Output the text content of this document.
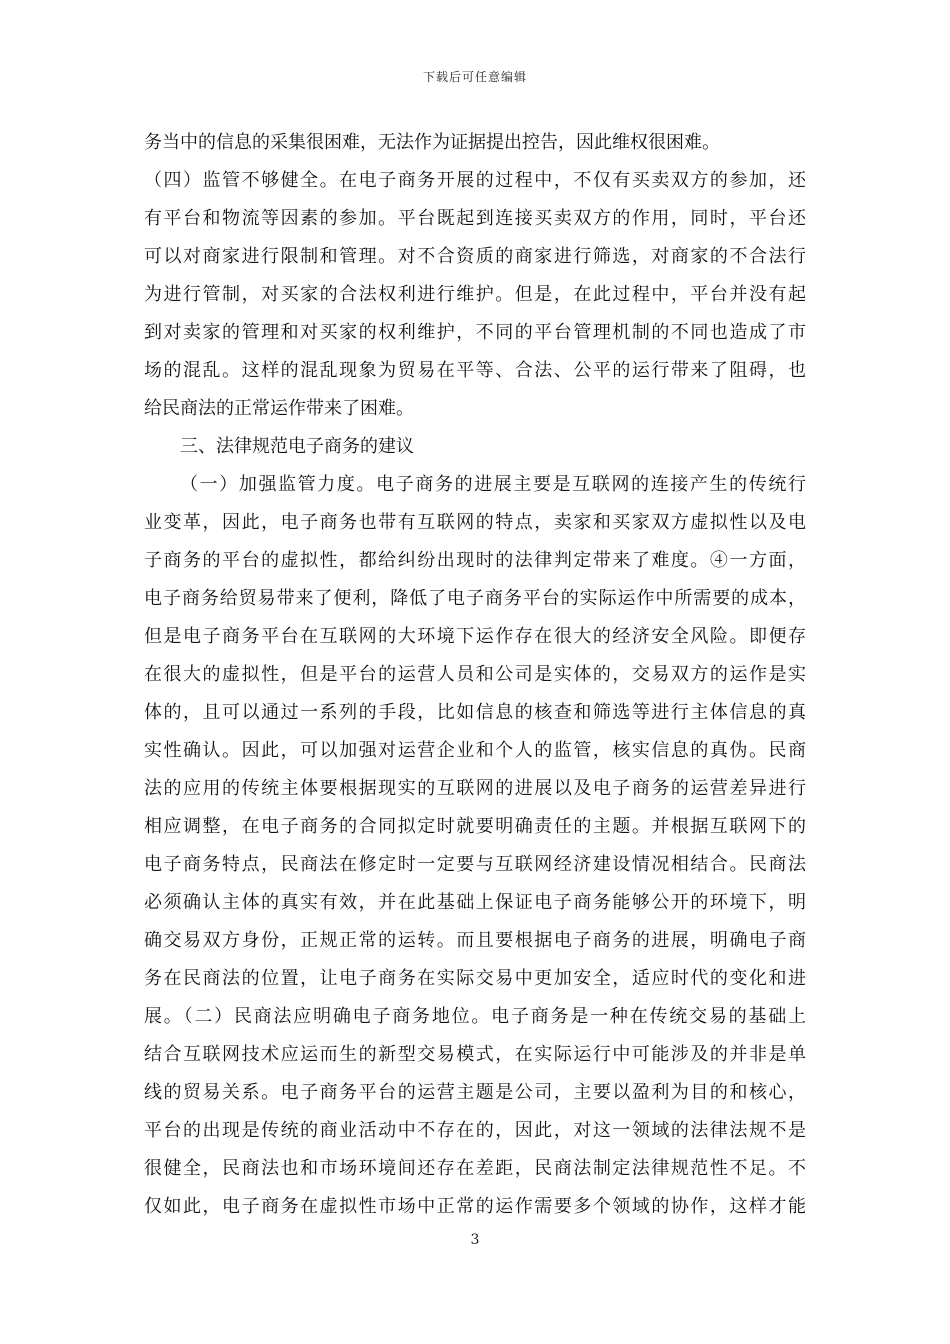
下载后可任意编辑
务当中的信息的采集很困难，无法作为证据提出控告，因此维权很困难。
（四）监管不够健全。在电子商务开展的过程中，不仅有买卖双方的参加，还
有平台和物流等因素的参加。平台既起到连接买卖双方的作用，同时，平台还
可以对商家进行限制和管理。对不合资质的商家进行筛选，对商家的不合法行
为进行管制，对买家的合法权利进行维护。但是，在此过程中，平台并没有起
到对卖家的管理和对买家的权利维护，不同的平台管理机制的不同也造成了市
场的混乱。这样的混乱现象为贸易在平等、合法、公平的运行带来了阻碍，也
给民商法的正常运作带来了困难。
三、法律规范电子商务的建议
（一）加强监管力度。电子商务的进展主要是互联网的连接产生的传统行
业变革，因此，电子商务也带有互联网的特点，卖家和买家双方虚拟性以及电
子商务的平台的虚拟性，都给纠纷出现时的法律判定带来了难度。④一方面，
电子商务给贸易带来了便利，降低了电子商务平台的实际运作中所需要的成本，
但是电子商务平台在互联网的大环境下运作存在很大的经济安全风险。即便存
在很大的虚拟性，但是平台的运营人员和公司是实体的，交易双方的运作是实
体的，且可以通过一系列的手段，比如信息的核查和筛选等进行主体信息的真
实性确认。因此，可以加强对运营企业和个人的监管，核实信息的真伪。民商
法的应用的传统主体要根据现实的互联网的进展以及电子商务的运营差异进行
相应调整，在电子商务的合同拟定时就要明确责任的主题。并根据互联网下的
电子商务特点，民商法在修定时一定要与互联网经济建设情况相结合。民商法
必须确认主体的真实有效，并在此基础上保证电子商务能够公开的环境下，明
确交易双方身份，正规正常的运转。而且要根据电子商务的进展，明确电子商
务在民商法的位置，让电子商务在实际交易中更加安全，适应时代的变化和进
展。（二）民商法应明确电子商务地位。电子商务是一种在传统交易的基础上
结合互联网技术应运而生的新型交易模式，在实际运行中可能涉及的并非是单
线的贸易关系。电子商务平台的运营主题是公司，主要以盈利为目的和核心，
平台的出现是传统的商业活动中不存在的，因此，对这一领域的法律法规不是
很健全，民商法也和市场环境间还存在差距，民商法制定法律规范性不足。不
仅如此，电子商务在虚拟性市场中正常的运作需要多个领域的协作，这样才能
3
